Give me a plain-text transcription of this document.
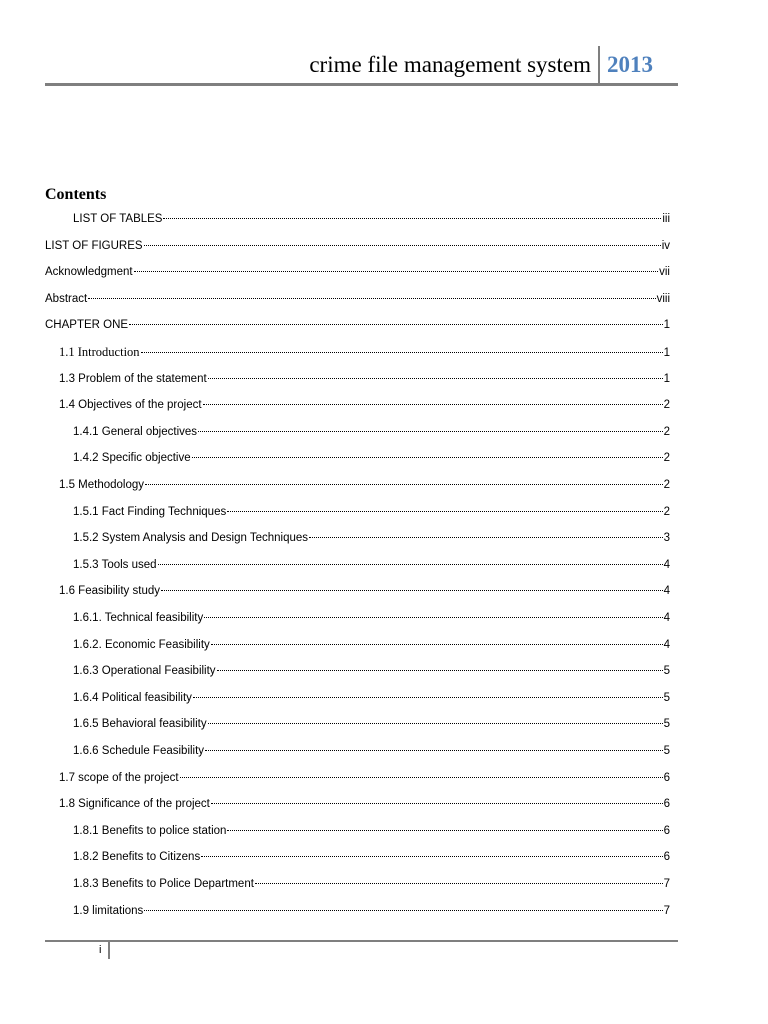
crime file management system 2013
Contents
LIST OF TABLES	iii
LIST OF FIGURES	iv
Acknowledgment	vii
Abstract	viii
CHAPTER ONE	1
1.1 Introduction	1
1.3 Problem of the statement	1
1.4 Objectives of the project	2
1.4.1 General objectives	2
1.4.2 Specific objective	2
1.5 Methodology	2
1.5.1 Fact Finding Techniques	2
1.5.2 System Analysis and Design Techniques	3
1.5.3 Tools used	4
1.6 Feasibility study	4
1.6.1. Technical feasibility	4
1.6.2. Economic Feasibility	4
1.6.3 Operational Feasibility	5
1.6.4 Political feasibility	5
1.6.5 Behavioral feasibility	5
1.6.6 Schedule Feasibility	5
1.7 scope of the project	6
1.8 Significance of the project	6
1.8.1 Benefits to police station	6
1.8.2 Benefits to Citizens	6
1.8.3 Benefits to Police Department	7
1.9 limitations	7
i
